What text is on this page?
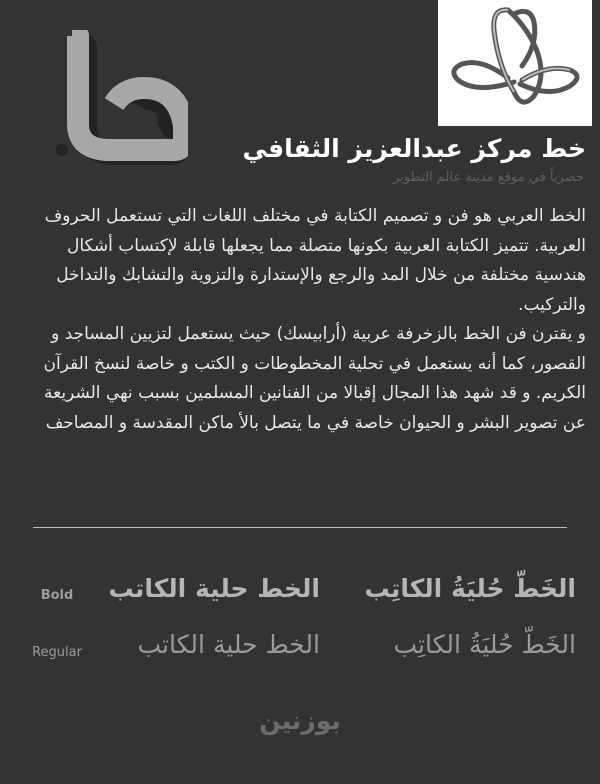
خط مركز عبدالعزيز الثقافي
حصرياً في موقع مدينة عالم التطوير

الخط العربي هو فن و تصميم الكتابة في مختلف اللغات التي تستعمل الحروف العربية. تتميز الكتابة العربية بكونها متصلة مما يجعلها قابلة لإكتساب أشكال هندسية مختلفة من خلال المد والرجع والإستدارة والتزوية والتشابك والتداخل والتركيب.

و يقترن فن الخط بالزخرفة عربية (أرابيسك) حيث يستعمل لتزيين المساجد و القصور، كما أنه يستعمل في تحلية المخطوطات و الكتب و خاصة لنسخ القرآن الكريم. و قد شهد هذا المجال إقبالا من الفنانين المسلمين بسبب نهي الشريعة عن تصوير البشر و الحيوان خاصة في ما يتصل بالأ ماكن المقدسة و المصاحف

الخَطّ حُليَةُ الكاتِب
الخط حلية الكاتب
Bold
الخَطّ حُليَةُ الكاتِب
الخط حلية الكاتب
Regular
بوزنين
